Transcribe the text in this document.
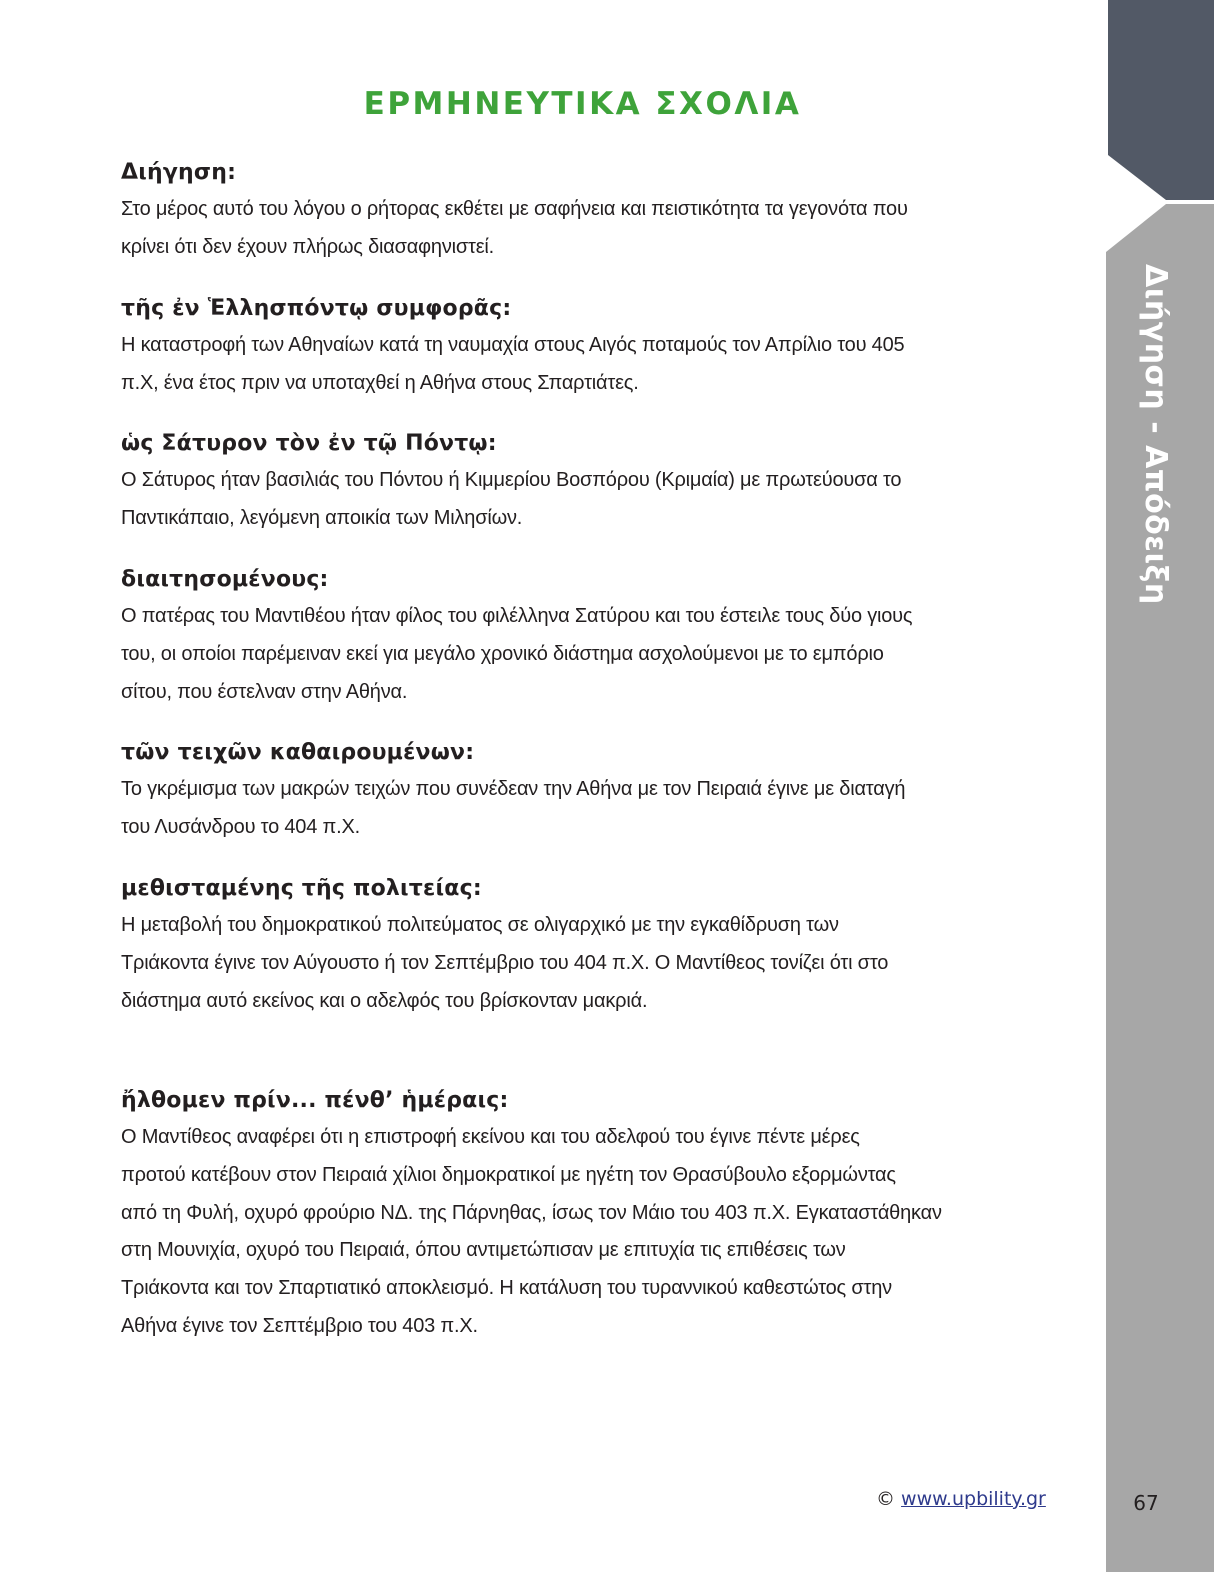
ΕΡΜΗΝΕΥΤΙΚΑ ΣΧΟΛΙΑ
Διήγηση:

Στο μέρος αυτό του λόγου ο ρήτορας εκθέτει με σαφήνεια και πειστικότητα τα γεγονότα που

κρίνει ότι δεν έχουν πλήρως διασαφηνιστεί.

τῆς ἐν Ἑλλησπόντῳ συμφορᾶς:

Η καταστροφή των Αθηναίων κατά τη ναυμαχία στους Αιγός ποταμούς τον Απρίλιο του 405

π.Χ, ένα έτος πριν να υποταχθεί η Αθήνα στους Σπαρτιάτες.

ὡς Σάτυρον τὸν ἐν τῷ Πόντῳ:

Ο Σάτυρος ήταν βασιλιάς του Πόντου ή Κιμμερίου Βοσπόρου (Κριμαία) με πρωτεύουσα το

Παντικάπαιο, λεγόμενη αποικία των Μιλησίων.

διαιτησομένους:

Ο πατέρας του Μαντιθέου ήταν φίλος του φιλέλληνα Σατύρου και του έστειλε τους δύο γιους

του, οι οποίοι παρέμειναν εκεί για μεγάλο χρονικό διάστημα ασχολούμενοι με το εμπόριο

σίτου, που έστελναν στην Αθήνα.

τῶν τειχῶν καθαιρουμένων:

Το γκρέμισμα των μακρών τειχών που συνέδεαν την Αθήνα με τον Πειραιά έγινε με διαταγή

του Λυσάνδρου το 404 π.Χ.

μεθισταμένης τῆς πολιτείας:

Η μεταβολή του δημοκρατικού πολιτεύματος σε ολιγαρχικό με την εγκαθίδρυση των

Τριάκοντα έγινε τον Αύγουστο ή τον Σεπτέμβριο του 404 π.Χ. Ο Μαντίθεος τονίζει ότι στο

διάστημα αυτό εκείνος και ο αδελφός του βρίσκονταν μακριά.

ἤλθομεν πρίν... πένθ’ ἡμέραις:

Ο Μαντίθεος αναφέρει ότι η επιστροφή εκείνου και του αδελφού του έγινε πέντε μέρες

προτού κατέβουν στον Πειραιά χίλιοι δημοκρατικοί με ηγέτη τον Θρασύβουλο εξορμώντας

από τη Φυλή, οχυρό φρούριο ΝΔ. της Πάρνηθας, ίσως τον Μάιο του 403 π.Χ. Εγκαταστάθηκαν

στη Μουνιχία, οχυρό του Πειραιά, όπου αντιμετώπισαν με επιτυχία τις επιθέσεις των

Τριάκοντα και τον Σπαρτιατικό αποκλεισμό. Η κατάλυση του τυραννικού καθεστώτος στην

Αθήνα έγινε τον Σεπτέμβριο του 403 π.Χ.

Διήγηση - Απόδειξη
67
© www.upbility.gr
